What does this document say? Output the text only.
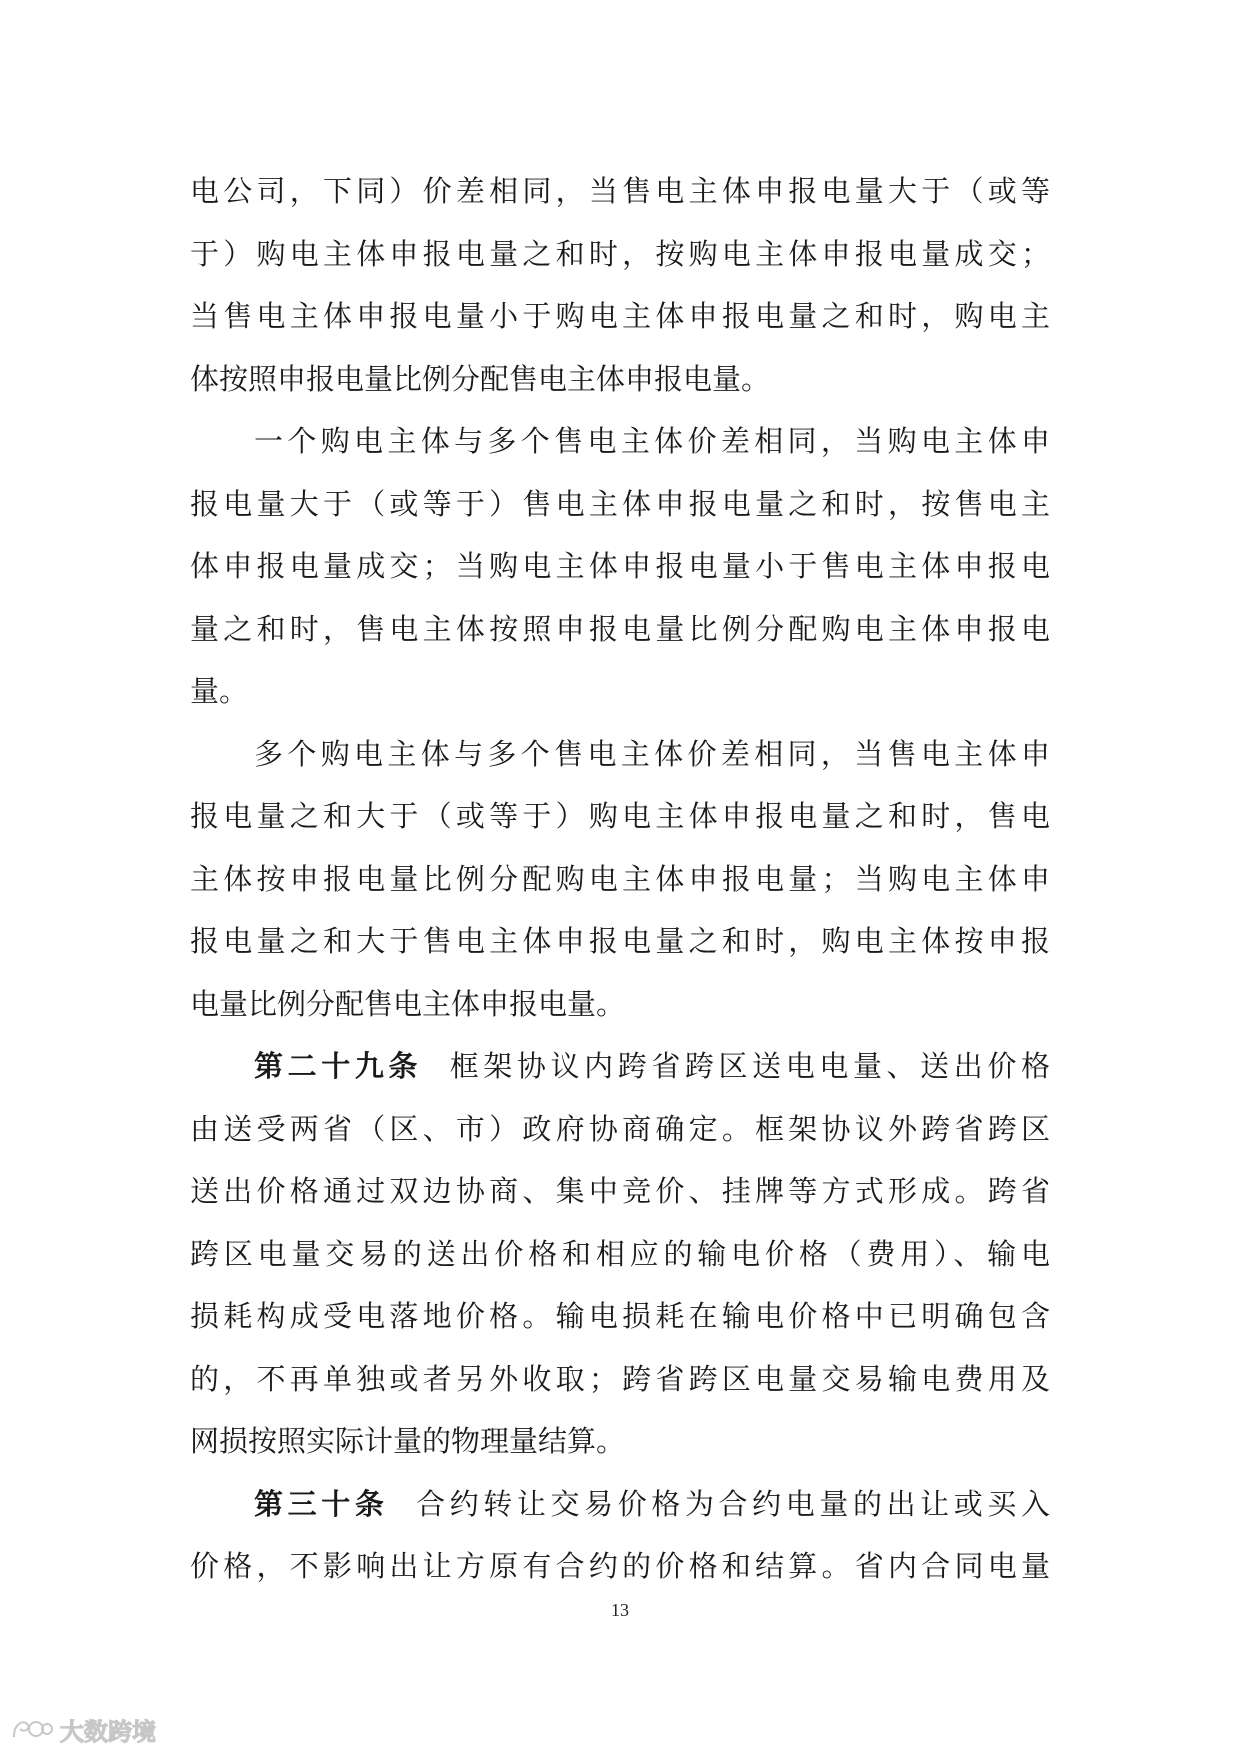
电公司，下同）价差相同，当售电主体申报电量大于（或等
于）购电主体申报电量之和时，按购电主体申报电量成交；
当售电主体申报电量小于购电主体申报电量之和时，购电主
体按照申报电量比例分配售电主体申报电量。
一个购电主体与多个售电主体价差相同，当购电主体申
报电量大于（或等于）售电主体申报电量之和时，按售电主
体申报电量成交；当购电主体申报电量小于售电主体申报电
量之和时，售电主体按照申报电量比例分配购电主体申报电
量。
多个购电主体与多个售电主体价差相同，当售电主体申
报电量之和大于（或等于）购电主体申报电量之和时，售电
主体按申报电量比例分配购电主体申报电量；当购电主体申
报电量之和大于售电主体申报电量之和时，购电主体按申报
电量比例分配售电主体申报电量。
第二十九条 框架协议内跨省跨区送电电量、送出价格
由送受两省（区、市）政府协商确定。框架协议外跨省跨区
送出价格通过双边协商、集中竞价、挂牌等方式形成。跨省
跨区电量交易的送出价格和相应的输电价格（费用）、输电
损耗构成受电落地价格。输电损耗在输电价格中已明确包含
的，不再单独或者另外收取；跨省跨区电量交易输电费用及
网损按照实际计量的物理量结算。
第三十条 合约转让交易价格为合约电量的出让或买入
价格，不影响出让方原有合约的价格和结算。省内合同电量
13
大数跨境
